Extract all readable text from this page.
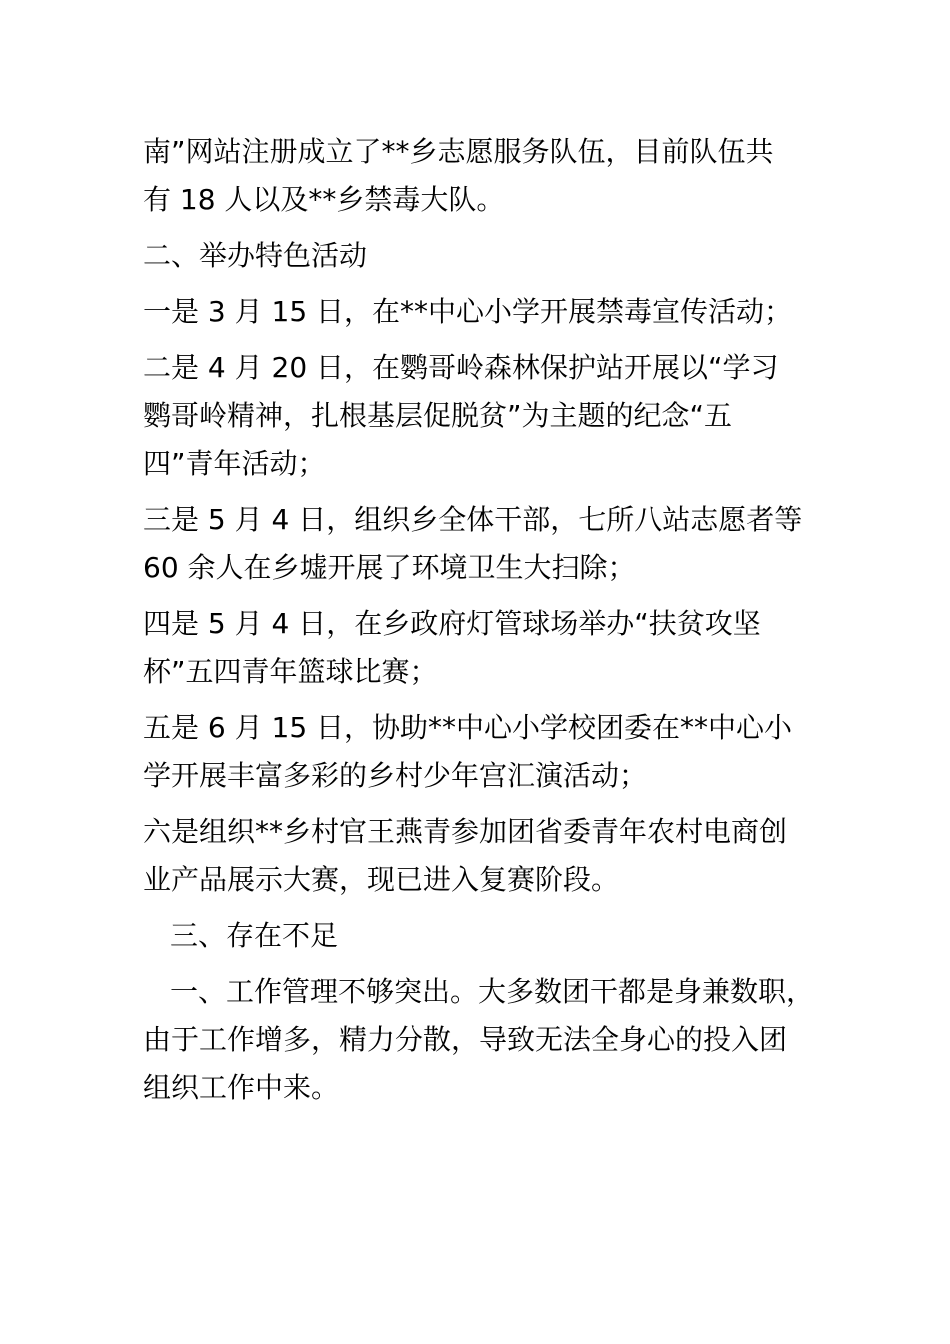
南”网站注册成立了**乡志愿服务队伍，目前队伍共
有 18 人以及**乡禁毒大队。
二、举办特色活动
一是 3 月 15 日，在**中心小学开展禁毒宣传活动；
二是 4 月 20 日，在鹦哥岭森林保护站开展以“学习
鹦哥岭精神，扎根基层促脱贫”为主题的纪念“五
四”青年活动；
三是 5 月 4 日，组织乡全体干部，七所八站志愿者等
60 余人在乡墟开展了环境卫生大扫除；
四是 5 月 4 日，在乡政府灯管球场举办“扶贫攻坚
杯”五四青年篮球比赛；
五是 6 月 15 日，协助**中心小学校团委在**中心小
学开展丰富多彩的乡村少年宫汇演活动；
六是组织**乡村官王燕青参加团省委青年农村电商创
业产品展示大赛，现已进入复赛阶段。
三、存在不足
一、工作管理不够突出。大多数团干都是身兼数职，
由于工作增多，精力分散，导致无法全身心的投入团
组织工作中来。
